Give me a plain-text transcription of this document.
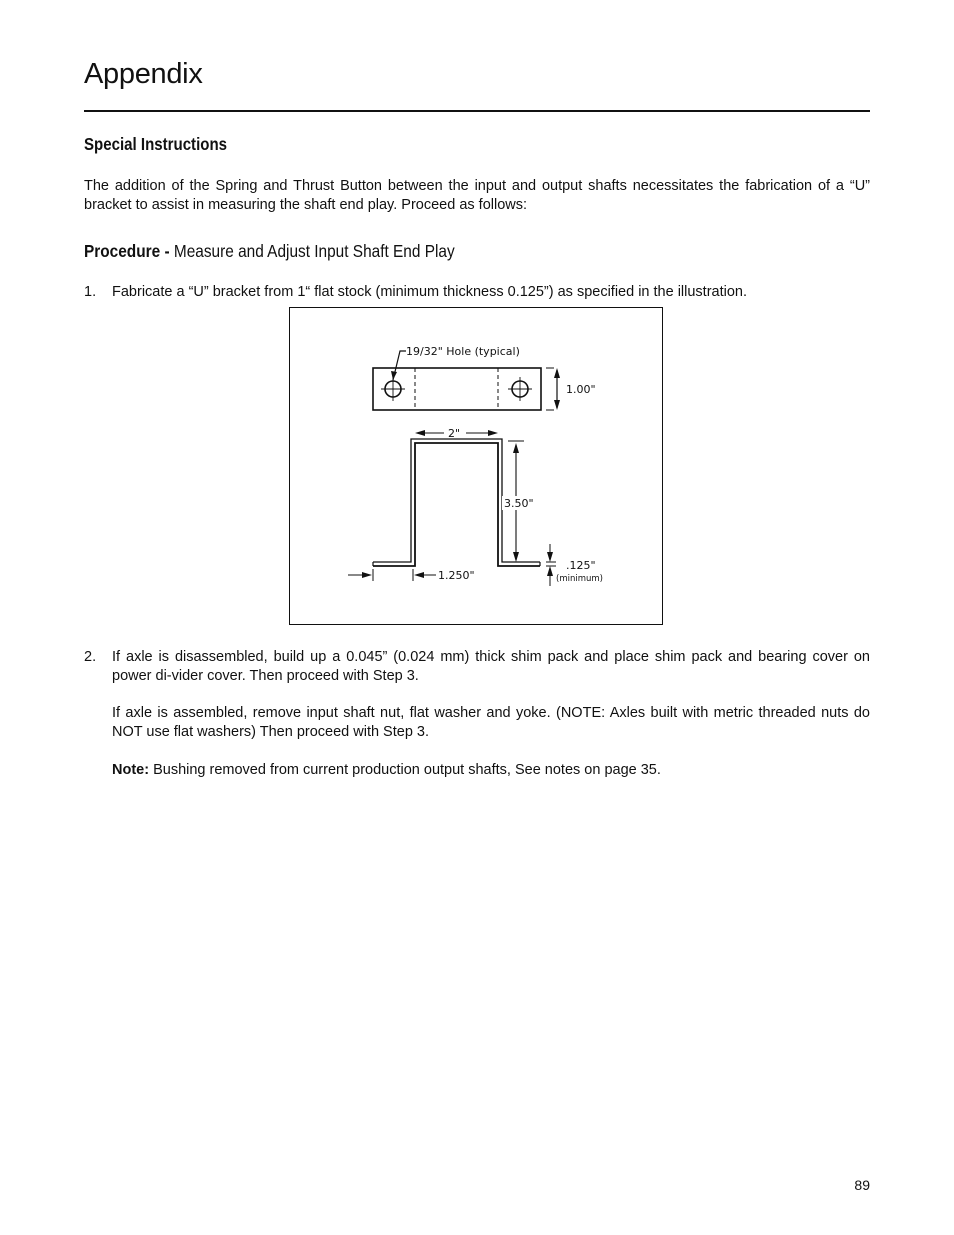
Appendix
Special Instructions

The addition of the Spring and Thrust Button between the input and output shafts necessitates the fabrication of a “U” bracket to assist in measuring the shaft end play. Proceed as follows:

Procedure - Measure and Adjust Input Shaft End Play
1. Fabricate a “U” bracket from 1“ flat stock (minimum thickness 0.125”) as specified in the illustration.

19/32" Hole (typical)
1.00"
2"
3.50"
1.250"
.125"
(minimum)
2. If axle is disassembled, build up a 0.045” (0.024 mm) thick shim pack and place shim pack and bearing cover on power di-vider cover. Then proceed with Step 3.

If axle is assembled, remove input shaft nut, flat washer and yoke. (NOTE: Axles built with metric threaded nuts do NOT use flat washers) Then proceed with Step 3.

Note: Bushing removed from current production output shafts, See notes on page 35.

89
